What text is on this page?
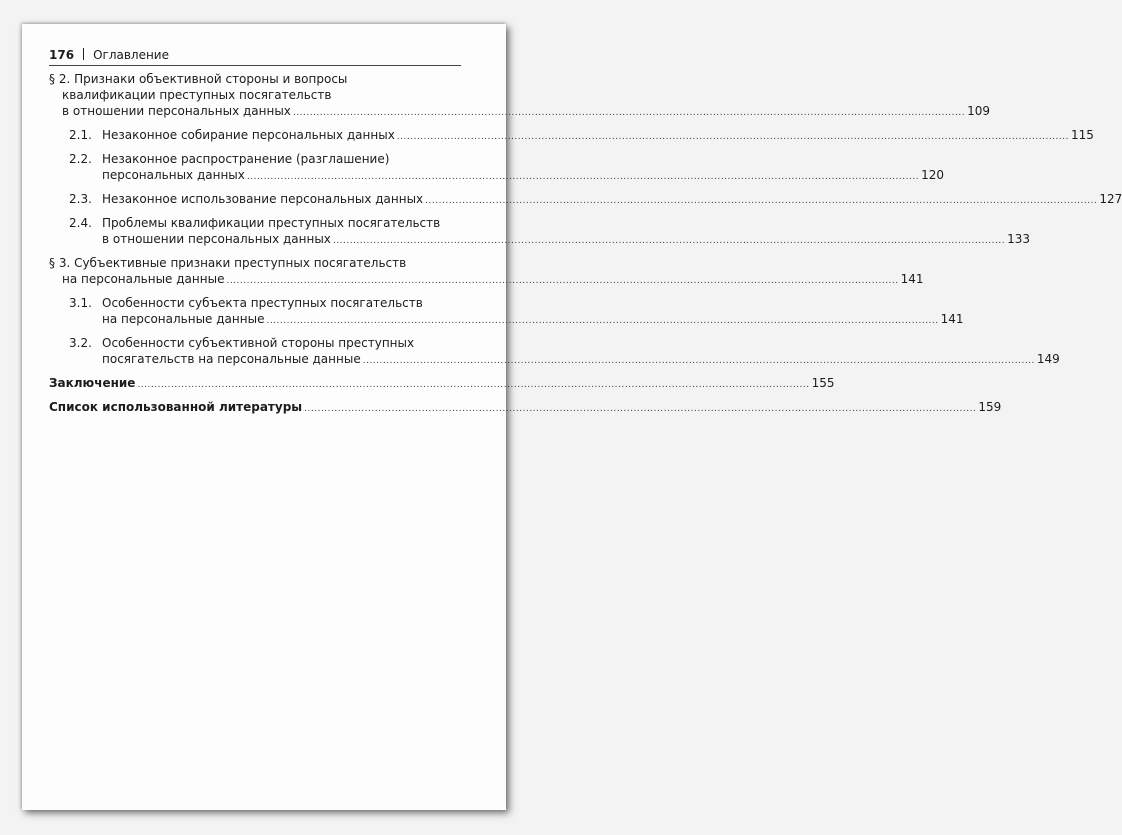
176 Оглавление
§ 2. Признаки объективной стороны и вопросы
квалификации преступных посягательств
в отношении персональных данных .....	109
2.1. Незаконное собирание персональных данных .....	115
2.2. Незаконное распространение (разглашение)
персональных данных .....	120
2.3. Незаконное использование персональных данных .....	127
2.4. Проблемы квалификации преступных посягательств
в отношении персональных данных .....	133
§ 3. Субъективные признаки преступных посягательств
на персональные данные .....	141
3.1. Особенности субъекта преступных посягательств
на персональные данные .....	141
3.2. Особенности субъективной стороны преступных
посягательств на персональные данные .....	149
Заключение .....	155
Список использованной литературы .....	159
